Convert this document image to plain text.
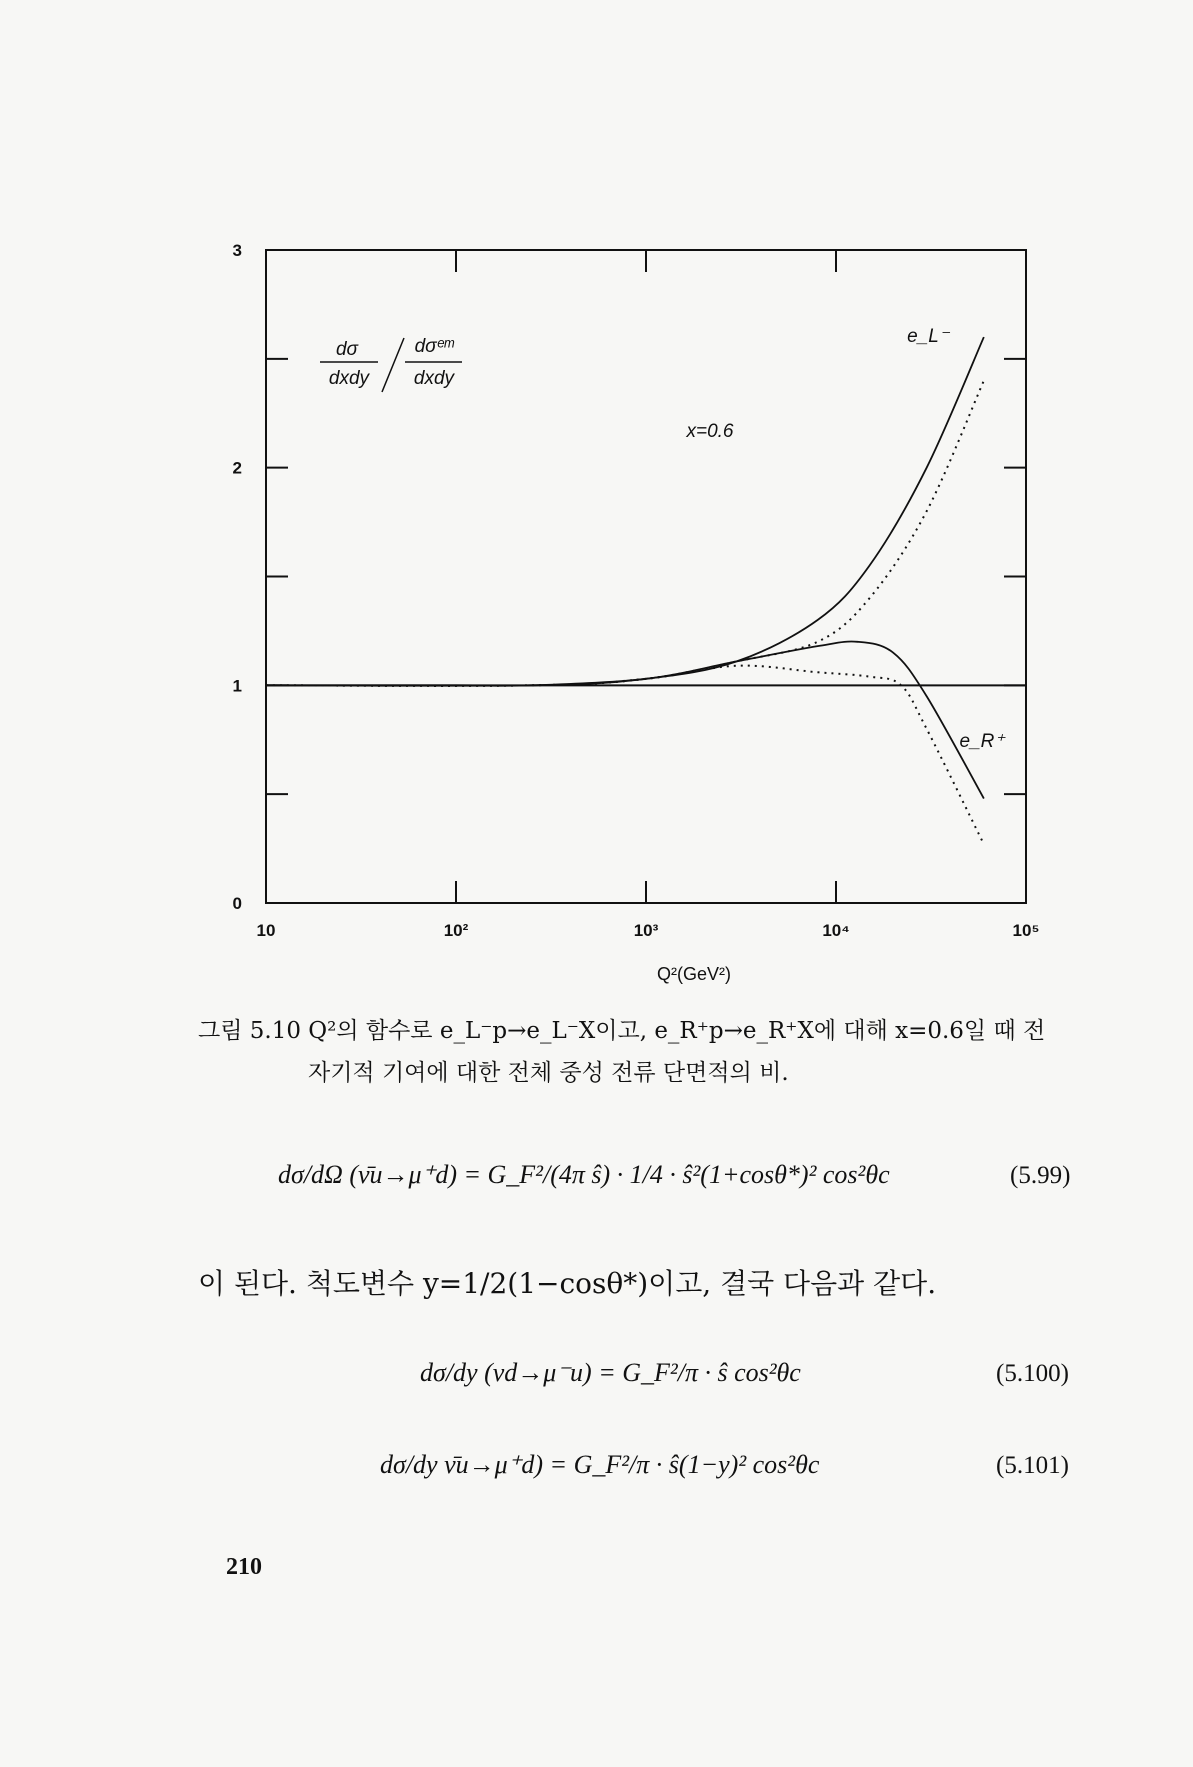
10	10²	10³	10⁴	10⁵
0
1
2
3
dσ
dxdy
dσᵉᵐ
dxdy
x=0.6
e_L⁻
e_R⁺
Q²(GeV²)
그림 5.10 Q²의 함수로 e_L⁻p→e_L⁻X이고, e_R⁺p→e_R⁺X에 대해 x=0.6일 때 전
자기적 기여에 대한 전체 중성 전류 단면적의 비.
dσ/dΩ (ν̄u→μ⁺d) = G_F²/(4π ŝ) · 1/4 · ŝ²(1+cosθ*)² cos²θc	(5.99)
이 된다. 척도변수 y=1/2(1−cosθ*)이고, 결국 다음과 같다.
dσ/dy (νd→μ⁻u) = G_F²/π · ŝ cos²θc	(5.100)
dσ/dy ν̄u→μ⁺d) = G_F²/π · ŝ(1−y)² cos²θc	(5.101)
210
